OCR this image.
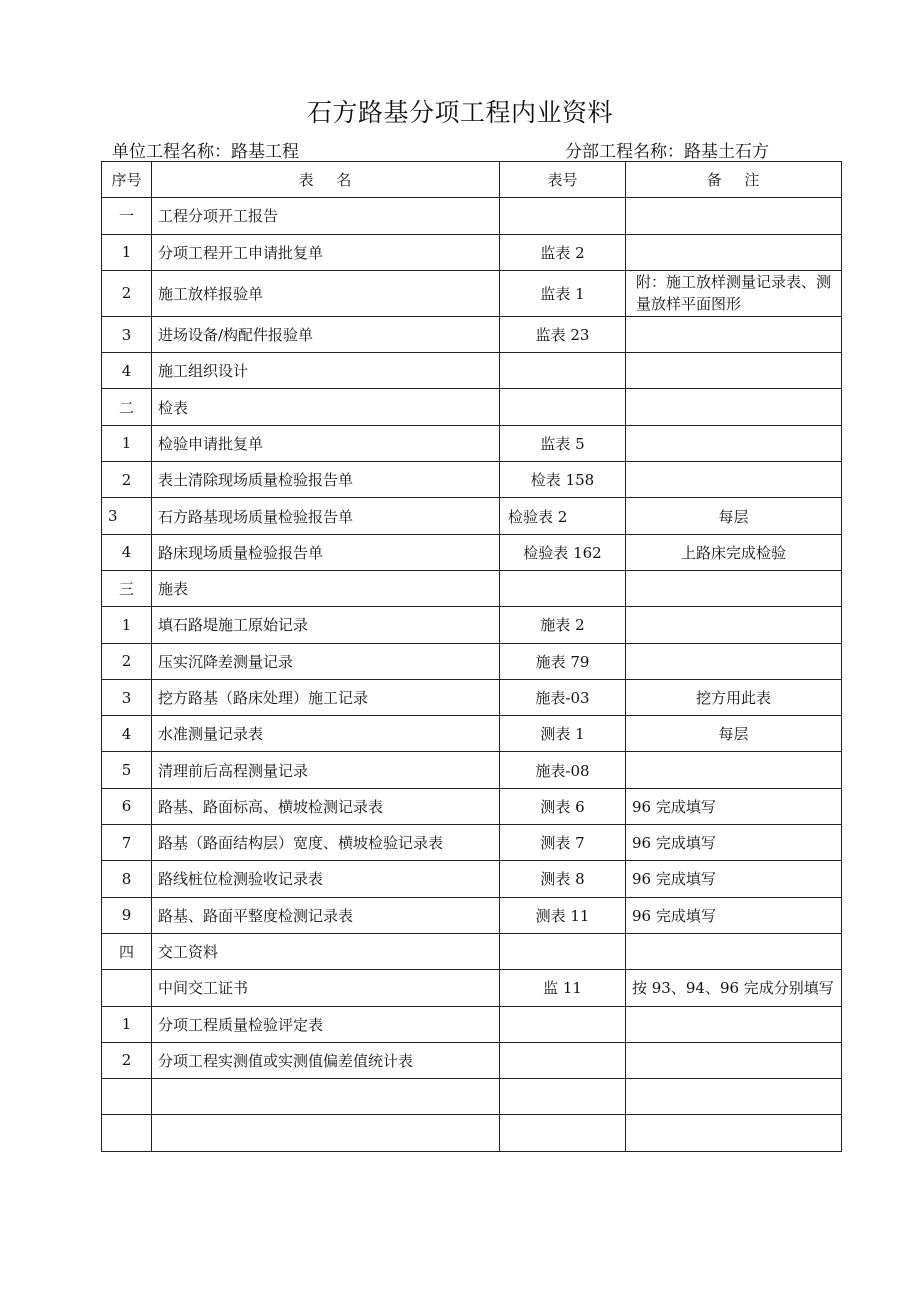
石方路基分项工程内业资料
单位工程名称：路基工程	分部工程名称：路基土石方
序号	表　 名	表号	备　 注
一	工程分项开工报告		
1	分项工程开工申请批复单	监表 2	
2	施工放样报验单	监表 1	附：施工放样测量记录表、测量放样平面图形
3	进场设备/构配件报验单	监表 23	
4	施工组织设计		
二	检表		
1	检验申请批复单	监表 5	
2	表土清除现场质量检验报告单	检表 158	
3	石方路基现场质量检验报告单	检验表 2	每层
4	路床现场质量检验报告单	检验表 162	上路床完成检验
三	施表		
1	填石路堤施工原始记录	施表 2	
2	压实沉降差测量记录	施表 79	
3	挖方路基（路床处理）施工记录	施表-03	挖方用此表
4	水准测量记录表	测表 1	每层
5	清理前后高程测量记录	施表-08	
6	路基、路面标高、横坡检测记录表	测表 6	96 完成填写
7	路基（路面结构层）宽度、横坡检验记录表	测表 7	96 完成填写
8	路线桩位检测验收记录表	测表 8	96 完成填写
9	路基、路面平整度检测记录表	测表 11	96 完成填写
四	交工资料		
	中间交工证书	监 11	按 93、94、96 完成分别填写
1	分项工程质量检验评定表		
2	分项工程实测值或实测值偏差值统计表		
